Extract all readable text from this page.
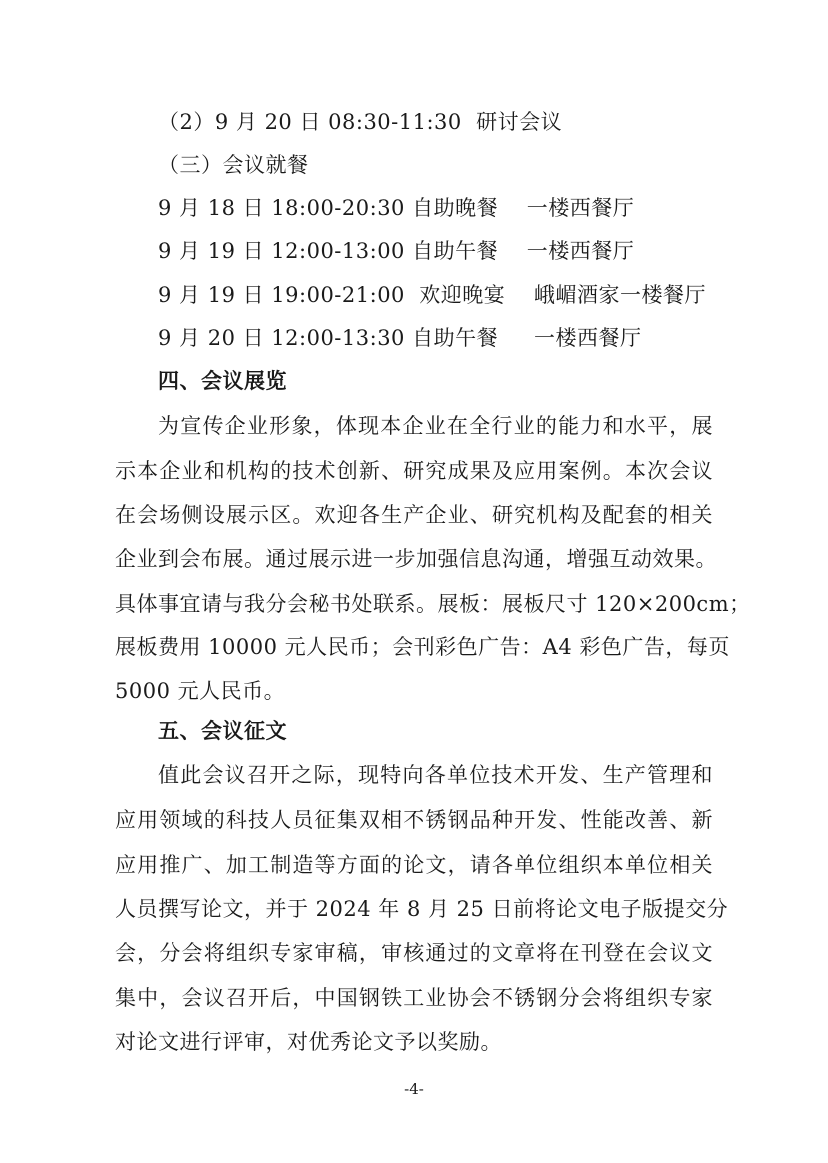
（2）9 月 20 日 08:30-11:30  研讨会议
（三）会议就餐
9 月 18 日 18:00-20:30 自助晚餐    一楼西餐厅
9 月 19 日 12:00-13:00 自助午餐    一楼西餐厅
9 月 19 日 19:00-21:00  欢迎晚宴    峨嵋酒家一楼餐厅
9 月 20 日 12:00-13:30 自助午餐     一楼西餐厅
四、会议展览
为宣传企业形象，体现本企业在全行业的能力和水平，展
示本企业和机构的技术创新、研究成果及应用案例。本次会议
在会场侧设展示区。欢迎各生产企业、研究机构及配套的相关
企业到会布展。通过展示进一步加强信息沟通，增强互动效果。
具体事宜请与我分会秘书处联系。展板：展板尺寸 120×200cm；
展板费用 10000 元人民币；会刊彩色广告：A4 彩色广告，每页
5000 元人民币。
五、会议征文
值此会议召开之际，现特向各单位技术开发、生产管理和
应用领域的科技人员征集双相不锈钢品种开发、性能改善、新
应用推广、加工制造等方面的论文，请各单位组织本单位相关
人员撰写论文，并于 2024 年 8 月 25 日前将论文电子版提交分
会，分会将组织专家审稿，审核通过的文章将在刊登在会议文
集中，会议召开后，中国钢铁工业协会不锈钢分会将组织专家
对论文进行评审，对优秀论文予以奖励。
-4-
